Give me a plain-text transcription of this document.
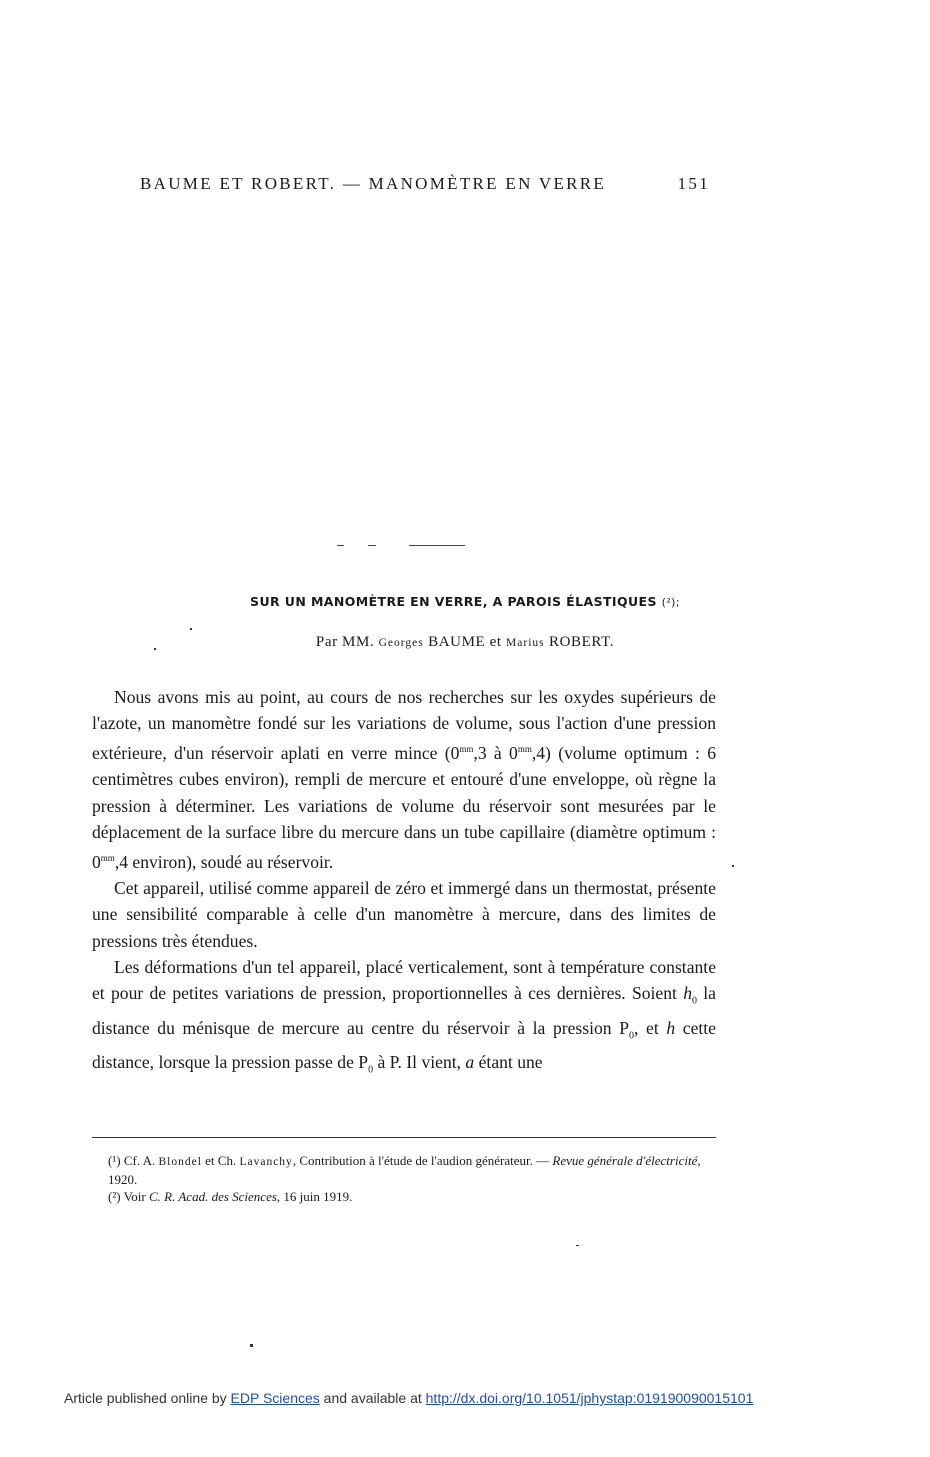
BAUME ET ROBERT. — MANOMÈTRE EN VERRE	151
SUR UN MANOMÈTRE EN VERRE, A PAROIS ÉLASTIQUES (²);
Par MM. Georges BAUME et Marius ROBERT.

Nous avons mis au point, au cours de nos recherches sur les oxydes supérieurs de l'azote, un manomètre fondé sur les variations de volume, sous l'action d'une pression extérieure, d'un réservoir aplati en verre mince ($0^{mm},3$ à $0^{mm},4$) (volume optimum : 6 centimètres cubes environ), rempli de mercure et entouré d'une enveloppe, où règne la pression à déterminer. Les variations de volume du réservoir sont mesurées par le déplacement de la surface libre du mercure dans un tube capillaire (diamètre optimum : $0^{mm},4$ environ), soudé au réservoir.

Cet appareil, utilisé comme appareil de zéro et immergé dans un thermostat, présente une sensibilité comparable à celle d'un manomètre à mercure, dans des limites de pressions très étendues.

Les déformations d'un tel appareil, placé verticalement, sont à température constante et pour de petites variations de pression, proportionnelles à ces dernières. Soient $h_0$ la distance du ménisque de mercure au centre du réservoir à la pression $P_0$, et h cette distance, lorsque la pression passe de $P_0$ à P. Il vient, a étant une

(¹) Cf. A. Blondel et Ch. Lavanchy, Contribution à l'étude de l'audion générateur. — Revue générale d'électricité, 1920.

(²) Voir C. R. Acad. des Sciences, 16 juin 1919.

Article published online by EDP Sciences and available at http://dx.doi.org/10.1051/jphystap:019190090015101
